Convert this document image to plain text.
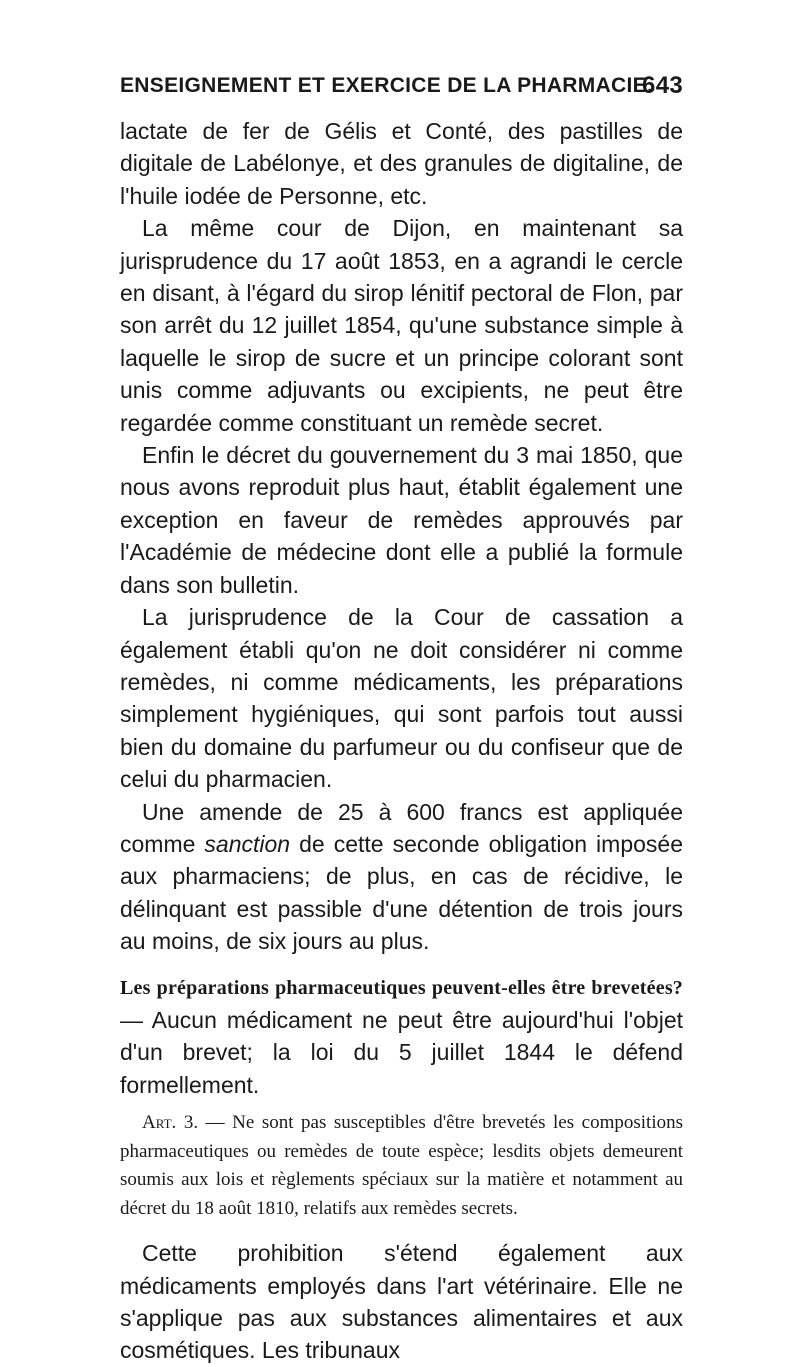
ENSEIGNEMENT ET EXERCICE DE LA PHARMACIE.
643

lactate de fer de Gélis et Conté, des pastilles de digitale de Labélonye, et des granules de digitaline, de l'huile iodée de Personne, etc.

La même cour de Dijon, en maintenant sa jurisprudence du 17 août 1853, en a agrandi le cercle en disant, à l'égard du sirop lénitif pectoral de Flon, par son arrêt du 12 juillet 1854, qu'une substance simple à laquelle le sirop de sucre et un principe colorant sont unis comme adjuvants ou excipients, ne peut être regardée comme constituant un remède secret.

Enfin le décret du gouvernement du 3 mai 1850, que nous avons reproduit plus haut, établit également une exception en faveur de remèdes approuvés par l'Académie de médecine dont elle a publié la formule dans son bulletin.

La jurisprudence de la Cour de cassation a également établi qu'on ne doit considérer ni comme remèdes, ni comme médicaments, les préparations simplement hygiéniques, qui sont parfois tout aussi bien du domaine du parfumeur ou du confiseur que de celui du pharmacien.

Une amende de 25 à 600 francs est appliquée comme sanction de cette seconde obligation imposée aux pharmaciens; de plus, en cas de récidive, le délinquant est passible d'une détention de trois jours au moins, de six jours au plus.

Les préparations pharmaceutiques peuvent-elles être brevetées? — Aucun médicament ne peut être aujourd'hui l'objet d'un brevet; la loi du 5 juillet 1844 le défend formellement.

Art. 3. — Ne sont pas susceptibles d'être brevetés les compositions pharmaceutiques ou remèdes de toute espèce; lesdits objets demeurent soumis aux lois et règlements spéciaux sur la matière et notamment au décret du 18 août 1810, relatifs aux remèdes secrets.

Cette prohibition s'étend également aux médicaments employés dans l'art vétérinaire. Elle ne s'applique pas aux substances alimentaires et aux cosmétiques. Les tribunaux
